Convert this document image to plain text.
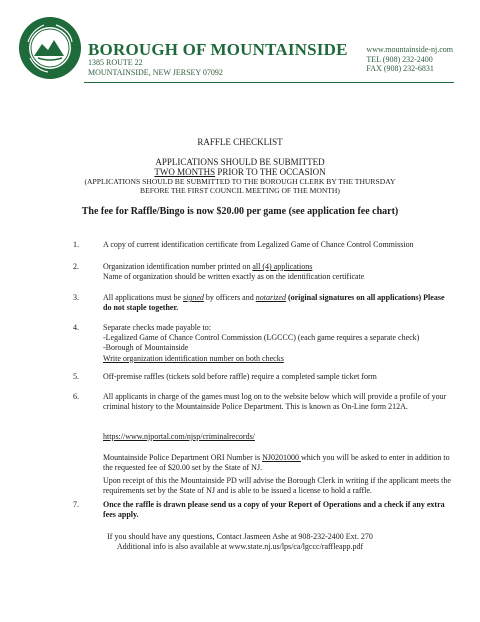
BOROUGH OF MOUNTAINSIDE
1385 ROUTE 22
MOUNTAINSIDE, NEW JERSEY 07092
www.mountainside-nj.com
TEL (908) 232-2400
FAX (908) 232-6831
RAFFLE CHECKLIST
APPLICATIONS SHOULD BE SUBMITTED
TWO MONTHS PRIOR TO THE OCCASION
(APPLICATIONS SHOULD BE SUBMITTED TO THE BOROUGH CLERK BY THE THURSDAY
BEFORE THE FIRST COUNCIL MEETING OF THE MONTH)
The fee for Raffle/Bingo is now $20.00 per game (see application fee chart)
1.	A copy of current identification certificate from Legalized Game of Chance Control Commission
2.	Organization identification number printed on all (4) applications
Name of organization should be written exactly as on the identification certificate
3.	All applications must be signed by officers and notarized (original signatures on all applications) Please do not staple together.
4.	Separate checks made payable to:
-Legalized Game of Chance Control Commission (LGCCC) (each game requires a separate check)
-Borough of Mountainside
Write organization identification number on both checks
5.	Off-premise raffles (tickets sold before raffle) require a completed sample ticket form
6.	All applicants in charge of the games must log on to the website below which will provide a profile of your criminal history to the Mountainside Police Department. This is known as On-Line form 212A.
https://www.njportal.com/njsp/criminalrecords/
Mountainside Police Department ORI Number is NJ0201000 which you will be asked to enter in addition to the requested fee of $20.00 set by the State of NJ.
Upon receipt of this the Mountainside PD will advise the Borough Clerk in writing if the applicant meets the requirements set by the State of NJ and is able to be issued a license to hold a raffle.
7.	Once the raffle is drawn please send us a copy of your Report of Operations and a check if any extra fees apply.
If you should have any questions, Contact Jasmeen Ashe at 908-232-2400 Ext. 270
Additional info is also available at www.state.nj.us/lps/ca/lgccc/raffleapp.pdf
